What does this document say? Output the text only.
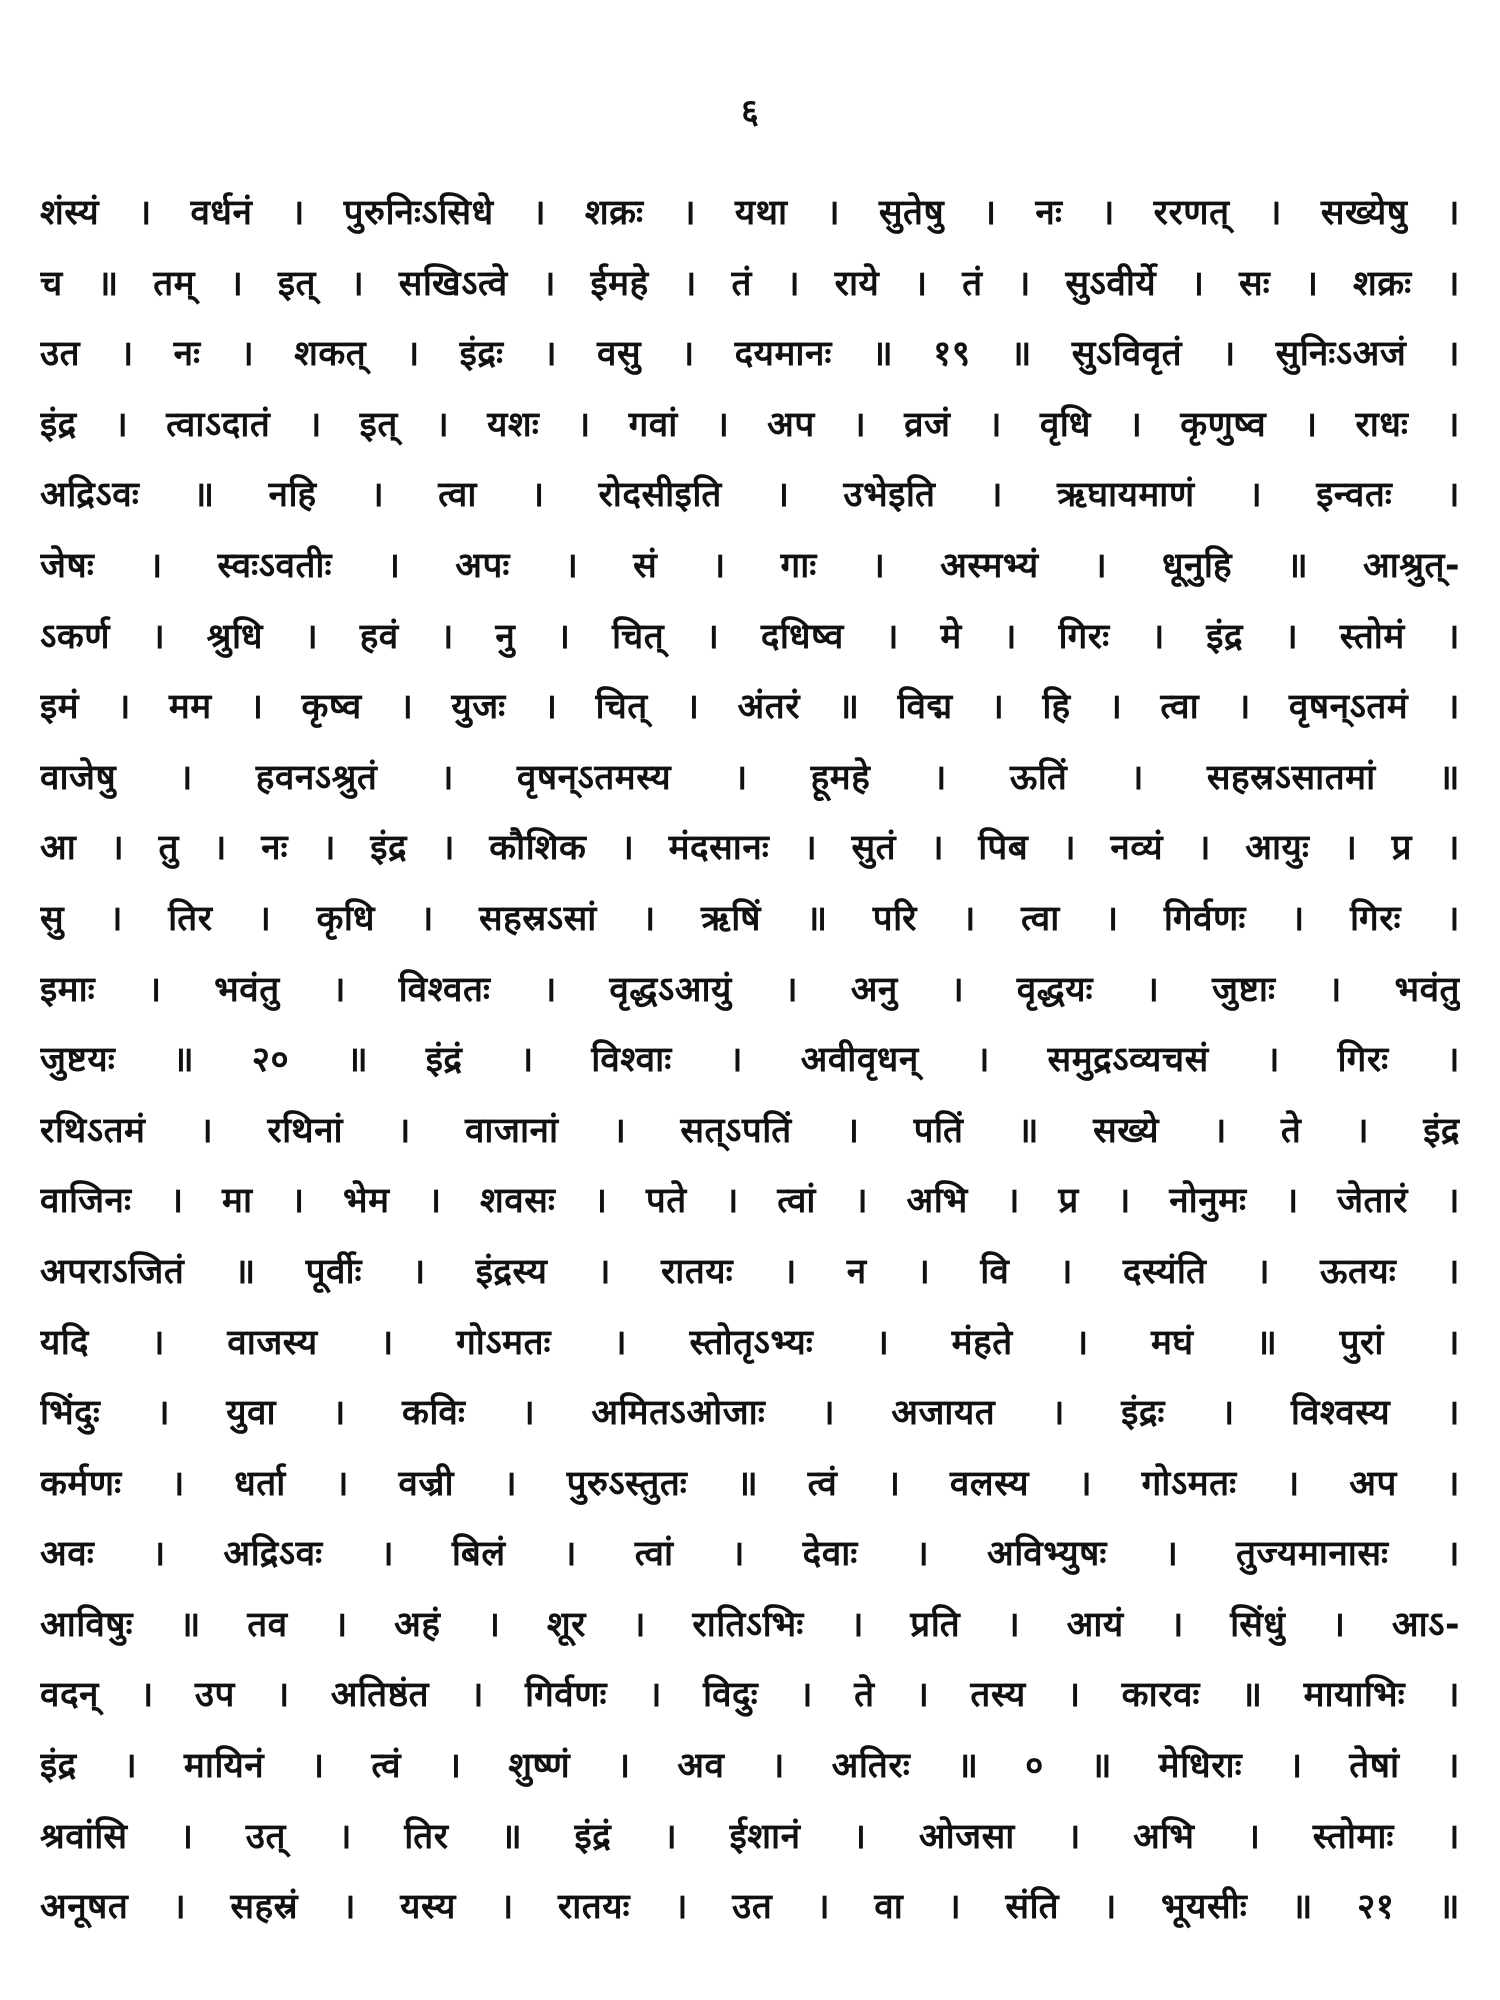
६
शंस्यं । वर्धनं । पुरुनिःऽसिधे । शक्रः । यथा । सुतेषु । नः । ररणत् । सख्येषु ।
च ॥ तम् । इत् । सखिऽत्वे । ईमहे । तं । राये । तं । सुऽवीर्ये । सः । शक्रः ।
उत । नः । शकत् । इंद्रः । वसु । दयमानः ॥ १९ ॥ सुऽविवृतं । सुनिःऽअजं ।
इंद्र । त्वाऽदातं । इत् । यशः । गवां । अप । व्रजं । वृधि । कृणुष्व । राधः ।
अद्रिऽवः ॥ नहि । त्वा । रोदसीइति । उभेइति । ऋघायमाणं । इन्वतः ।
जेषः । स्वःऽवतीः । अपः । सं । गाः । अस्मभ्यं । धूनुहि ॥ आश्रुत्-
ऽकर्ण । श्रुधि । हवं । नु । चित् । दधिष्व । मे । गिरः । इंद्र । स्तोमं ।
इमं । मम । कृष्व । युजः । चित् । अंतरं ॥ विद्म । हि । त्वा । वृषन्ऽतमं ।
वाजेषु । हवनऽश्रुतं । वृषन्ऽतमस्य । हूमहे । ऊतिं । सहस्रऽसातमां ॥
आ । तु । नः । इंद्र । कौशिक । मंदसानः । सुतं । पिब । नव्यं । आयुः । प्र ।
सु । तिर । कृधि । सहस्रऽसां । ऋषिं ॥ परि । त्वा । गिर्वणः । गिरः ।
इमाः । भवंतु । विश्वतः । वृद्धऽआयुं । अनु । वृद्धयः । जुष्टाः । भवंतु
जुष्टयः ॥ २० ॥ इंद्रं । विश्वाः । अवीवृधन् । समुद्रऽव्यचसं । गिरः ।
रथिऽतमं । रथिनां । वाजानां । सत्ऽपतिं । पतिं ॥ सख्ये । ते । इंद्र
वाजिनः । मा । भेम । शवसः । पते । त्वां । अभि । प्र । नोनुमः । जेतारं ।
अपराऽजितं ॥ पूर्वीः । इंद्रस्य । रातयः । न । वि । दस्यंति । ऊतयः ।
यदि । वाजस्य । गोऽमतः । स्तोतृऽभ्यः । मंहते । मघं ॥ पुरां ।
भिंदुः । युवा । कविः । अमितऽओजाः । अजायत । इंद्रः । विश्वस्य ।
कर्मणः । धर्ता । वज्री । पुरुऽस्तुतः ॥ त्वं । वलस्य । गोऽमतः । अप ।
अवः । अद्रिऽवः । बिलं । त्वां । देवाः । अविभ्युषः । तुज्यमानासः ।
आविषुः ॥ तव । अहं । शूर । रातिऽभिः । प्रति । आयं । सिंधुं । आऽ-
वदन् । उप । अतिष्ठंत । गिर्वणः । विदुः । ते । तस्य । कारवः ॥ मायाभिः ।
इंद्र । मायिनं । त्वं । शुष्णं । अव । अतिरः ॥ ० ॥ मेधिराः । तेषां ।
श्रवांसि । उत् । तिर ॥ इंद्रं । ईशानं । ओजसा । अभि । स्तोमाः ।
अनूषत । सहस्रं । यस्य । रातयः । उत । वा । संति । भूयसीः ॥ २१ ॥
